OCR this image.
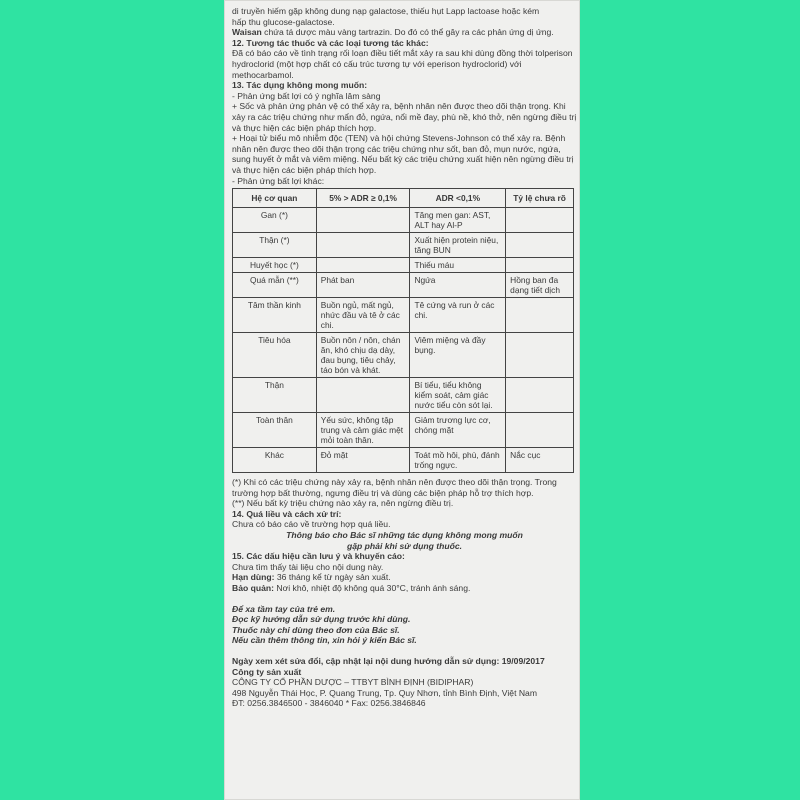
di truyền hiếm gặp không dung nạp galactose, thiếu hụt Lapp lactoase hoặc kém

hấp thu glucose-galactose.

Waisan chứa tá dược màu vàng tartrazin. Do đó có thể gây ra các phản ứng dị ứng.

12. Tương tác thuốc và các loại tương tác khác:

Đã có báo cáo về tình trạng rối loạn điều tiết mắt xảy ra sau khi dùng đồng thời tolperison hydroclorid (một hợp chất có cấu trúc tương tự với eperison hydroclorid) với methocarbamol.

13. Tác dụng không mong muốn:

- Phản ứng bất lợi có ý nghĩa lâm sàng

+ Sốc và phản ứng phản vệ có thể xảy ra, bệnh nhân nên được theo dõi thận trọng. Khi xảy ra các triệu chứng như mẩn đỏ, ngứa, nổi mề đay, phù nề, khó thở, nên ngừng điều trị và thực hiện các biện pháp thích hợp.

+ Hoại tử biểu mô nhiễm độc (TEN) và hội chứng Stevens-Johnson có thể xảy ra. Bệnh nhân nên được theo dõi thận trọng các triệu chứng như sốt, ban đỏ, mụn nước, ngứa, sung huyết ở mắt và viêm miệng. Nếu bất kỳ các triệu chứng xuất hiện nên ngừng điều trị và thực hiện các biện pháp thích hợp.

- Phản ứng bất lợi khác:

Hệ cơ quan	5% > ADR ≥ 0,1%	ADR <0,1%	Tỷ lệ chưa rõ
Gan (*)		Tăng men gan: AST, ALT hay Al-P	
Thận (*)		Xuất hiện protein niệu, tăng BUN	
Huyết học (*)		Thiếu máu	
Quá mẫn (**)	Phát ban	Ngứa	Hồng ban đa dạng tiết dịch
Tâm thần kinh	Buồn ngủ, mất ngủ, nhức đầu và tê ở các chi.	Tê cứng và run ở các chi.	
Tiêu hóa	Buồn nôn / nôn, chán ăn, khó chịu dạ dày, đau bụng, tiêu chảy, táo bón và khát.	Viêm miệng và đầy bụng.	
Thận		Bí tiểu, tiểu không kiểm soát, cảm giác nước tiểu còn sót lại.	
Toàn thân	Yếu sức, không tập trung và cảm giác mệt mỏi toàn thân.	Giảm trương lực cơ, chóng mặt	
Khác	Đỏ mặt	Toát mồ hôi, phù, đánh trống ngực.	Nắc cục

(*) Khi có các triệu chứng này xảy ra, bệnh nhân nên được theo dõi thận trọng. Trong trường hợp bất thường, ngưng điều trị và dùng các biện pháp hỗ trợ thích hợp.

(**) Nếu bất kỳ triệu chứng nào xảy ra, nên ngừng điều trị.

14. Quá liều và cách xử trí:

Chưa có báo cáo về trường hợp quá liều.

Thông báo cho Bác sĩ những tác dụng không mong muốn

gặp phải khi sử dụng thuốc.

15. Các dấu hiệu cần lưu ý và khuyến cáo:

Chưa tìm thấy tài liệu cho nội dung này.

Hạn dùng: 36 tháng kể từ ngày sản xuất.

Bảo quản: Nơi khô, nhiệt độ không quá 30°C, tránh ánh sáng.

Để xa tầm tay của trẻ em.

Đọc kỹ hướng dẫn sử dụng trước khi dùng.

Thuốc này chỉ dùng theo đơn của Bác sĩ.

Nếu cần thêm thông tin, xin hỏi ý kiến Bác sĩ.

Ngày xem xét sửa đổi, cập nhật lại nội dung hướng dẫn sử dụng: 19/09/2017

Công ty sản xuất

CÔNG TY CỔ PHẦN DƯỢC – TTBYT BÌNH ĐỊNH (BIDIPHAR)

498 Nguyễn Thái Học, P. Quang Trung, Tp. Quy Nhơn, tỉnh Bình Định, Việt Nam

ĐT: 0256.3846500 - 3846040 * Fax: 0256.3846846
